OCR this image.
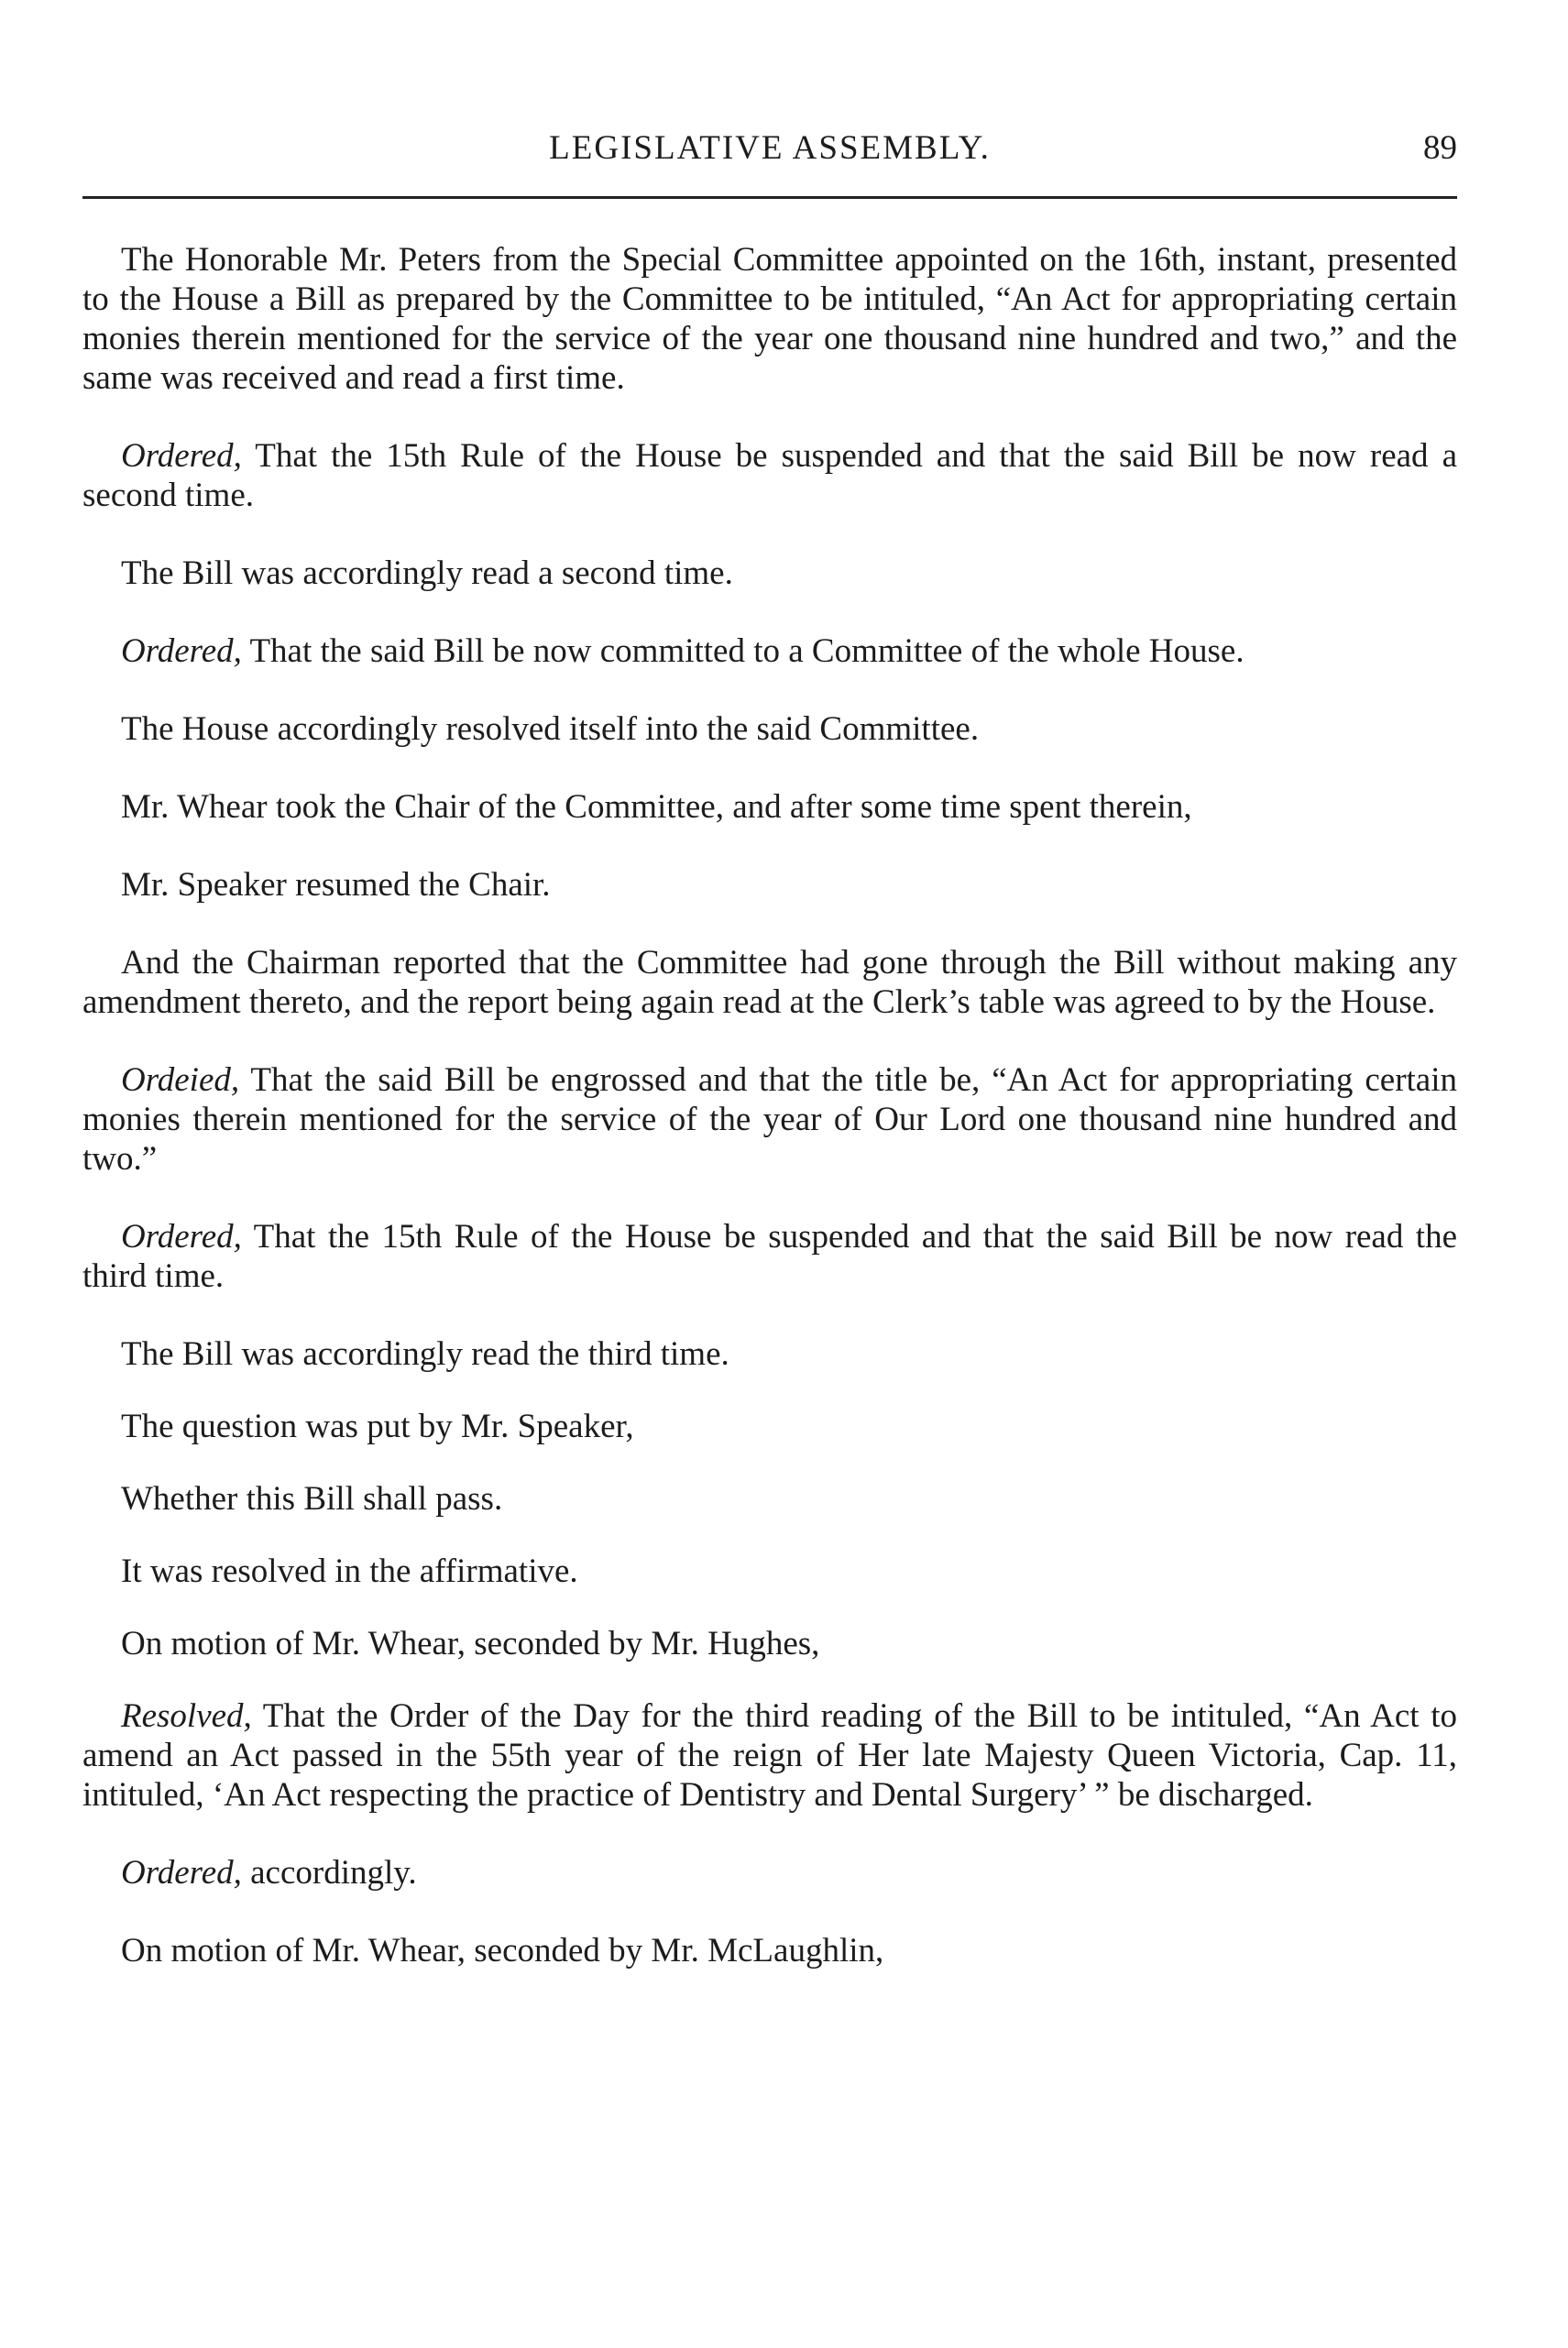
LEGISLATIVE ASSEMBLY.	89

The Honorable Mr. Peters from the Special Committee appointed on the 16th, instant, presented to the House a Bill as prepared by the Committee to be intituled, “An Act for appropriating certain monies therein mentioned for the service of the year one thousand nine hundred and two,” and the same was received and read a first time.

Ordered, That the 15th Rule of the House be suspended and that the said Bill be now read a second time.

The Bill was accordingly read a second time.

Ordered, That the said Bill be now committed to a Committee of the whole House.

The House accordingly resolved itself into the said Committee.

Mr. Whear took the Chair of the Committee, and after some time spent therein,

Mr. Speaker resumed the Chair.

And the Chairman reported that the Committee had gone through the Bill without making any amendment thereto, and the report being again read at the Clerk’s table was agreed to by the House.

Ordeied, That the said Bill be engrossed and that the title be, “An Act for appropriating certain monies therein mentioned for the service of the year of Our Lord one thousand nine hundred and two.”

Ordered, That the 15th Rule of the House be suspended and that the said Bill be now read the third time.

The Bill was accordingly read the third time.

The question was put by Mr. Speaker,

Whether this Bill shall pass.

It was resolved in the affirmative.

On motion of Mr. Whear, seconded by Mr. Hughes,

Resolved, That the Order of the Day for the third reading of the Bill to be intituled, “An Act to amend an Act passed in the 55th year of the reign of Her late Majesty Queen Victoria, Cap. 11, intituled, ‘An Act respecting the practice of Dentistry and Dental Surgery’ ” be discharged.

Ordered, accordingly.

On motion of Mr. Whear, seconded by Mr. McLaughlin,
